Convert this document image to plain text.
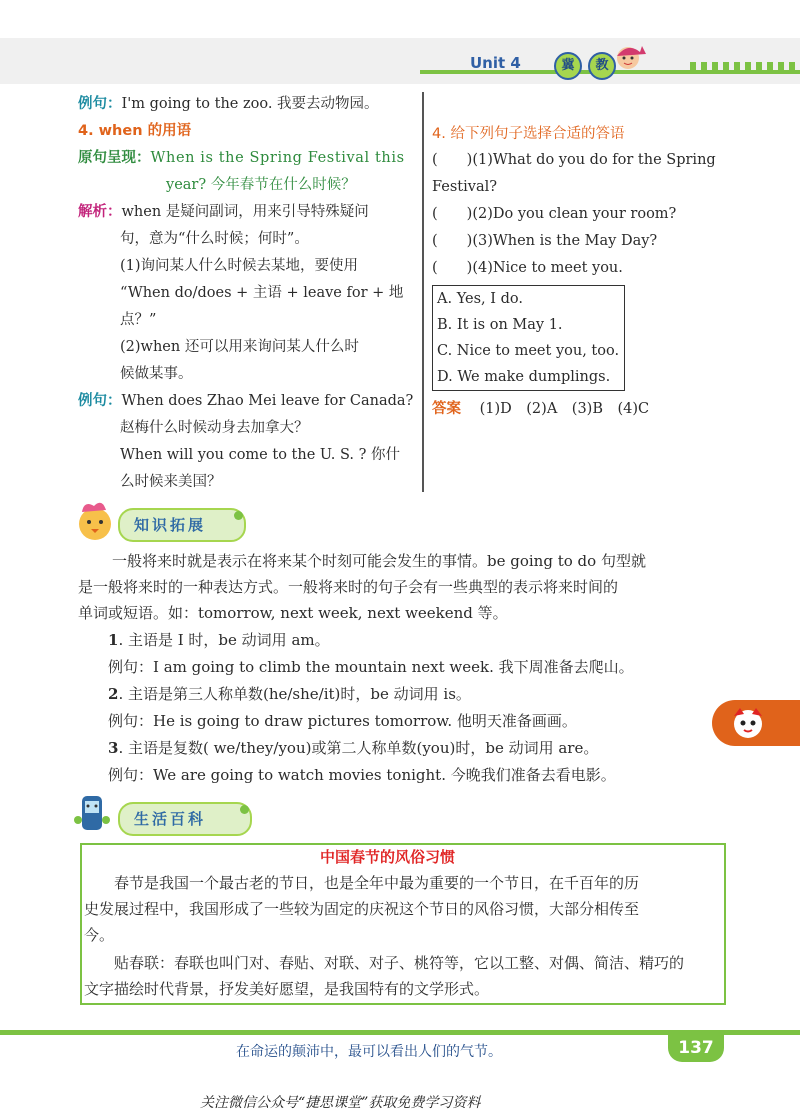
Unit 4	冀	教
例句：I'm going to the zoo. 我要去动物园。
4. when 的用语
原句呈现：When is the Spring Festival this
year? 今年春节在什么时候？
解析：when 是疑问副词，用来引导特殊疑问
句，意为“什么时候；何时”。
(1)询问某人什么时候去某地，要使用
“When do/does + 主语 + leave for + 地
点？”
(2)when 还可以用来询问某人什么时
候做某事。
例句：When does Zhao Mei leave for Canada?
赵梅什么时候动身去加拿大？
When will you come to the U. S. ? 你什
么时候来美国？
4. 给下列句子选择合适的答语
(　　)(1)What do you do for the Spring
Festival?
(　　)(2)Do you clean your room?
(　　)(3)When is the May Day?
(　　)(4)Nice to meet you.
A. Yes, I do.
B. It is on May 1.
C. Nice to meet you, too.
D. We make dumplings.
答案 (1)D　(2)A　(3)B　(4)C
知识拓展
一般将来时就是表示在将来某个时刻可能会发生的事情。be going to do 句型就
是一般将来时的一种表达方式。一般将来时的句子会有一些典型的表示将来时间的
单词或短语。如：tomorrow, next week, next weekend 等。
1. 主语是 I 时，be 动词用 am。
例句：I am going to climb the mountain next week. 我下周准备去爬山。
2. 主语是第三人称单数(he/she/it)时，be 动词用 is。
例句：He is going to draw pictures tomorrow. 他明天准备画画。
3. 主语是复数( we/they/you)或第二人称单数(you)时，be 动词用 are。
例句：We are going to watch movies tonight. 今晚我们准备去看电影。
生活百科
中国春节的风俗习惯
春节是我国一个最古老的节日，也是全年中最为重要的一个节日，在千百年的历
史发展过程中，我国形成了一些较为固定的庆祝这个节日的风俗习惯，大部分相传至
今。
贴春联：春联也叫门对、春贴、对联、对子、桃符等，它以工整、对偶、简洁、精巧的
文字描绘时代背景，抒发美好愿望，是我国特有的文学形式。
在命运的颠沛中，最可以看出人们的气节。	137
关注微信公众号“捷思课堂”获取免费学习资料
